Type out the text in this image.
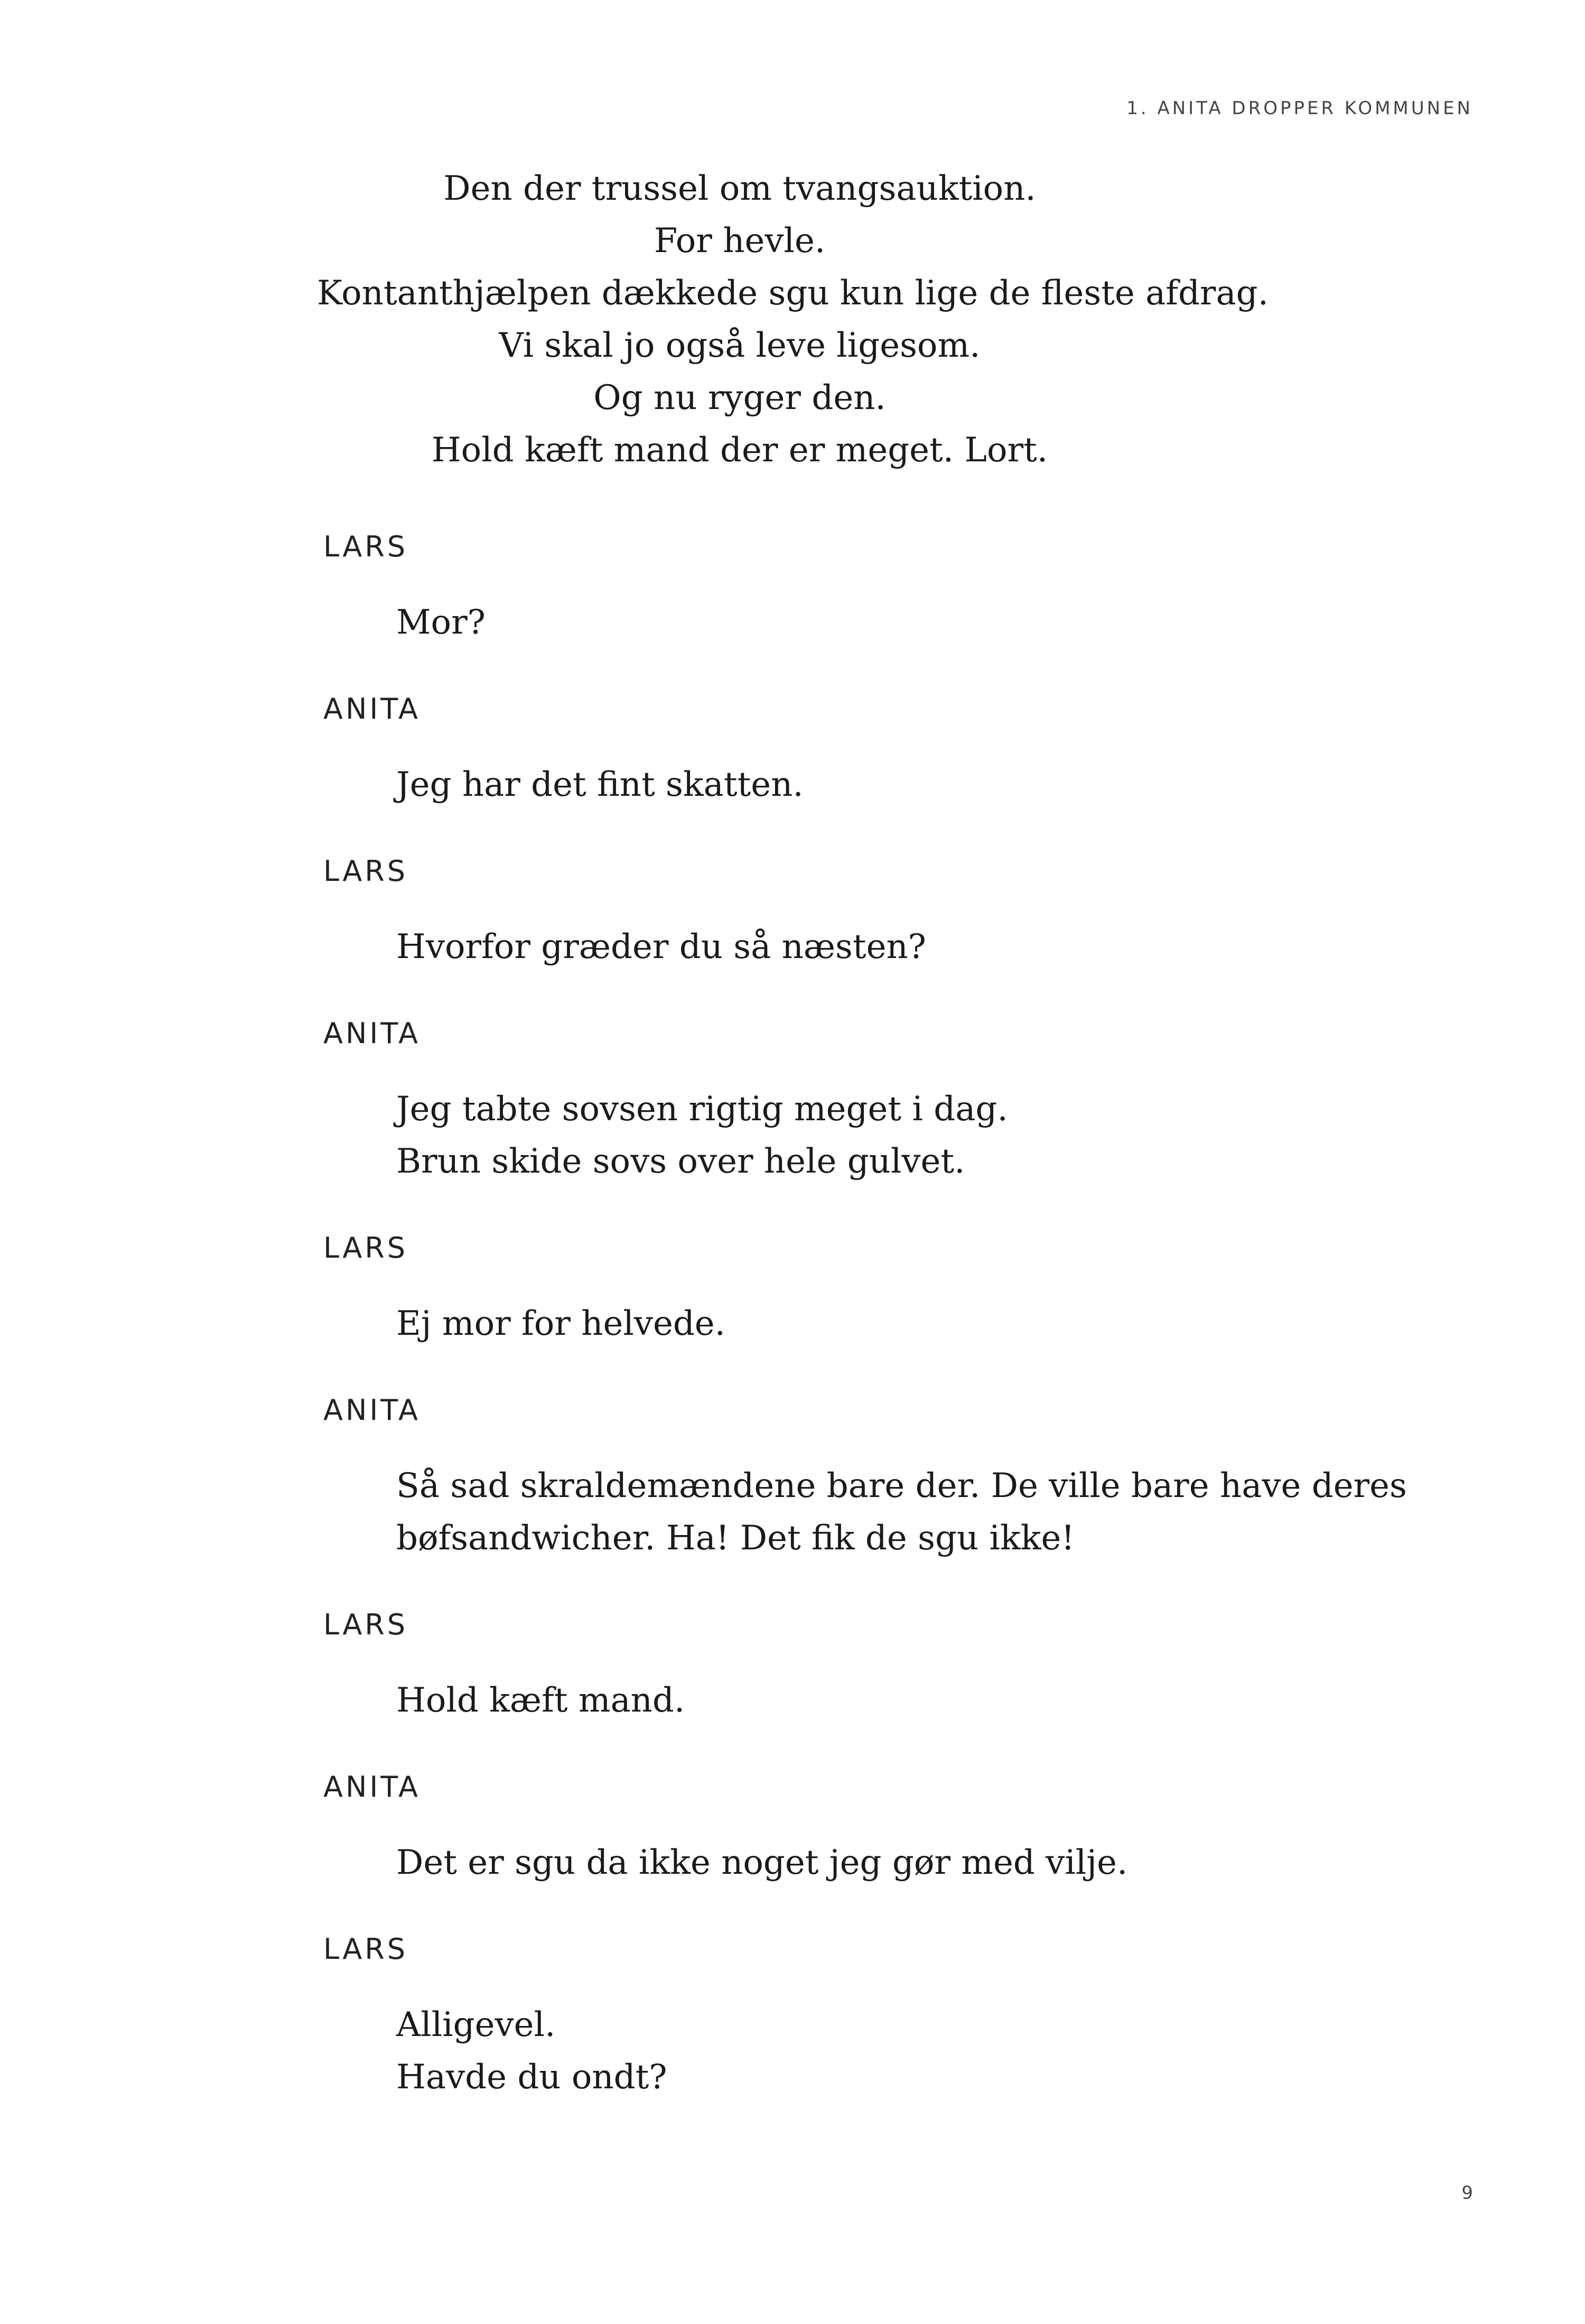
1. ANITA DROPPER KOMMUNEN
Den der trussel om tvangsauktion.
For hevle.
Kontanthjælpen dækkede sgu kun lige de fleste afdrag.
Vi skal jo også leve ligesom.
Og nu ryger den.
Hold kæft mand der er meget. Lort.
LARS
Mor?
ANITA
Jeg har det fint skatten.
LARS
Hvorfor græder du så næsten?
ANITA
Jeg tabte sovsen rigtig meget i dag.
Brun skide sovs over hele gulvet.
LARS
Ej mor for helvede.
ANITA
Så sad skraldemændene bare der. De ville bare have deres
bøfsandwicher. Ha! Det fik de sgu ikke!
LARS
Hold kæft mand.
ANITA
Det er sgu da ikke noget jeg gør med vilje.
LARS
Alligevel.
Havde du ondt?
9
